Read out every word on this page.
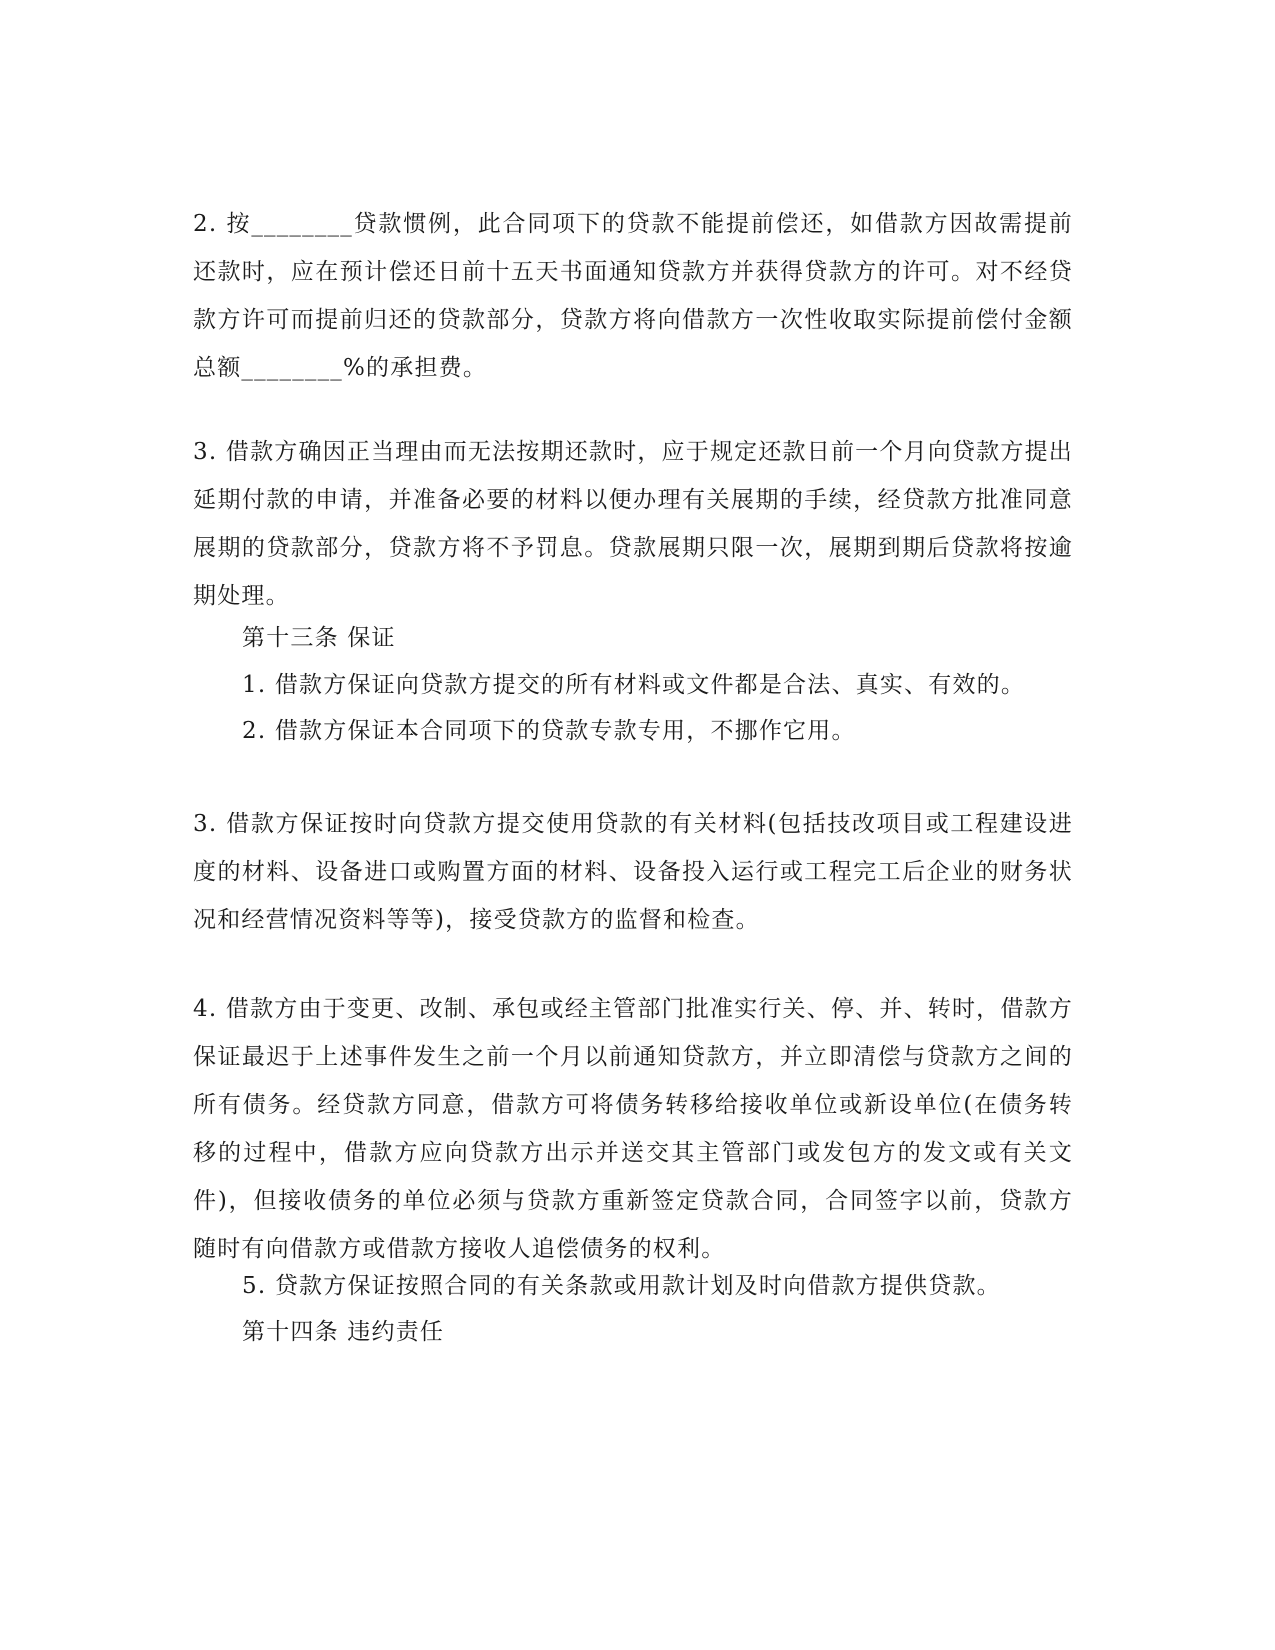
2. 按________贷款惯例，此合同项下的贷款不能提前偿还，如借款方因故需提前还款时，应在预计偿还日前十五天书面通知贷款方并获得贷款方的许可。对不经贷款方许可而提前归还的贷款部分，贷款方将向借款方一次性收取实际提前偿付金额总额________%的承担费。

3. 借款方确因正当理由而无法按期还款时，应于规定还款日前一个月向贷款方提出延期付款的申请，并准备必要的材料以便办理有关展期的手续，经贷款方批准同意展期的贷款部分，贷款方将不予罚息。贷款展期只限一次，展期到期后贷款将按逾期处理。

第十三条 保证

1. 借款方保证向贷款方提交的所有材料或文件都是合法、真实、有效的。

2. 借款方保证本合同项下的贷款专款专用，不挪作它用。

3. 借款方保证按时向贷款方提交使用贷款的有关材料(包括技改项目或工程建设进度的材料、设备进口或购置方面的材料、设备投入运行或工程完工后企业的财务状况和经营情况资料等等)，接受贷款方的监督和检查。

4. 借款方由于变更、改制、承包或经主管部门批准实行关、停、并、转时，借款方保证最迟于上述事件发生之前一个月以前通知贷款方，并立即清偿与贷款方之间的所有债务。经贷款方同意，借款方可将债务转移给接收单位或新设单位(在债务转移的过程中，借款方应向贷款方出示并送交其主管部门或发包方的发文或有关文件)，但接收债务的单位必须与贷款方重新签定贷款合同，合同签字以前，贷款方随时有向借款方或借款方接收人追偿债务的权利。

5. 贷款方保证按照合同的有关条款或用款计划及时向借款方提供贷款。

第十四条 违约责任
